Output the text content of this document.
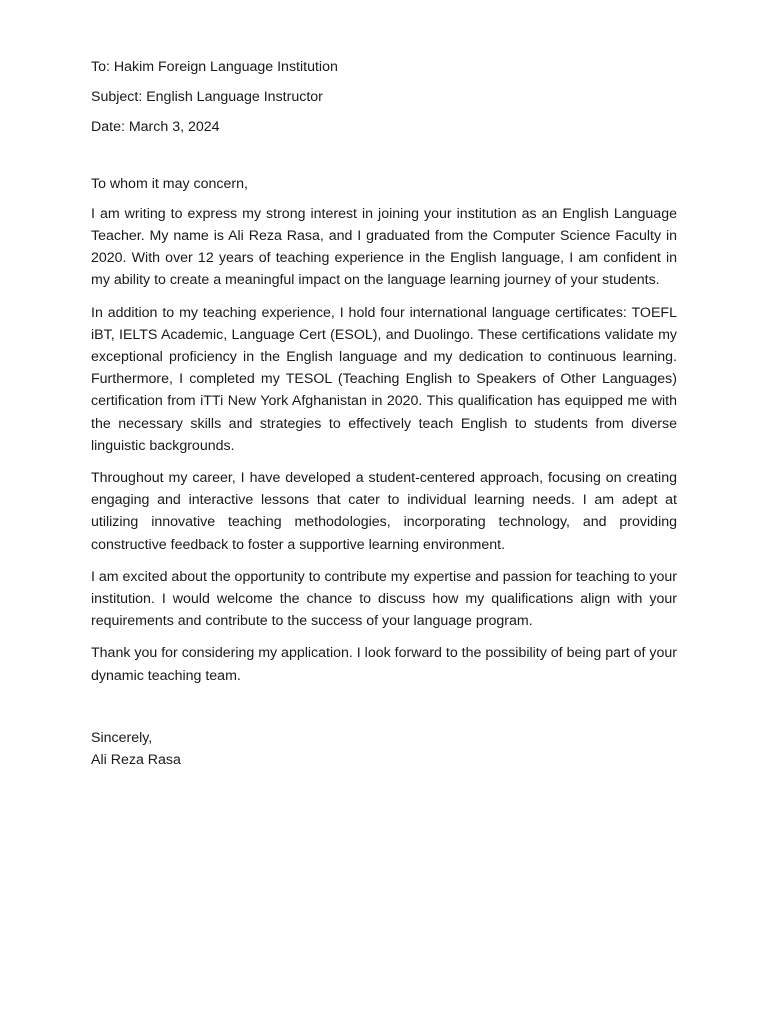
To: Hakim Foreign Language Institution
Subject: English Language Instructor
Date: March 3, 2024
To whom it may concern,

I am writing to express my strong interest in joining your institution as an English Language Teacher. My name is Ali Reza Rasa, and I graduated from the Computer Science Faculty in 2020. With over 12 years of teaching experience in the English language, I am confident in my ability to create a meaningful impact on the language learning journey of your students.

In addition to my teaching experience, I hold four international language certificates: TOEFL iBT, IELTS Academic, Language Cert (ESOL), and Duolingo. These certifications validate my exceptional proficiency in the English language and my dedication to continuous learning. Furthermore, I completed my TESOL (Teaching English to Speakers of Other Languages) certification from iTTi New York Afghanistan in 2020. This qualification has equipped me with the necessary skills and strategies to effectively teach English to students from diverse linguistic backgrounds.

Throughout my career, I have developed a student-centered approach, focusing on creating engaging and interactive lessons that cater to individual learning needs. I am adept at utilizing innovative teaching methodologies, incorporating technology, and providing constructive feedback to foster a supportive learning environment.

I am excited about the opportunity to contribute my expertise and passion for teaching to your institution. I would welcome the chance to discuss how my qualifications align with your requirements and contribute to the success of your language program.

Thank you for considering my application. I look forward to the possibility of being part of your dynamic teaching team.

Sincerely,
Ali Reza Rasa
